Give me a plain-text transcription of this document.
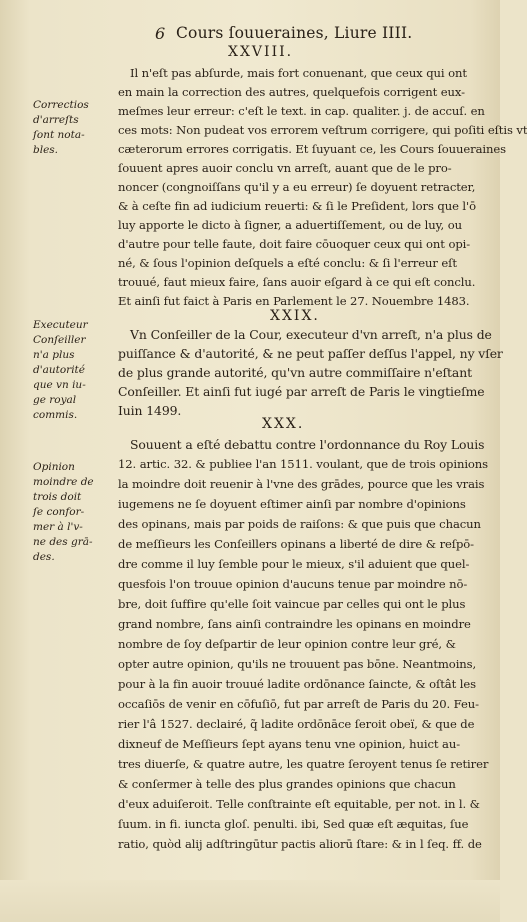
6 Cours ſouueraines, Liure IIII.
XXVIII.
Il n'eſt pas abſurde, mais fort conuenant, que ceux qui ont
en main la correction des autres, quelquefois corrigent eux-
meſmes leur erreur: c'eſt le text. in cap. qualiter. j. de accuſ. en
ces mots: Non pudeat vos errorem veſtrum corrigere, qui poſiti eſtis vt
cæterorum errores corrigatis. Et ſuyuant ce, les Cours ſouueraines
ſouuent apres auoir conclu vn arreſt, auant que de le pro-
noncer (congnoiſſans qu'il y a eu erreur) ſe doyuent retracter,
& à ceſte fin ad iudicium reuerti: & ſi le Preſident, lors que l'ō
luy apporte le dicto à ſigner, a aduertiſſement, ou de luy, ou
d'autre pour telle faute, doit faire cōuoquer ceux qui ont opi-
né, & ſous l'opinion deſquels a eſté conclu: & ſi l'erreur eſt
trouué, faut mieux faire, ſans auoir eſgard à ce qui eſt conclu.
Et ainſi fut faict à Paris en Parlement le 27. Nouembre 1483.
XXIX.
Vn Conſeiller de la Cour, executeur d'vn arreſt, n'a plus de
puiſſance & d'autorité, & ne peut paſſer deſſus l'appel, ny vſer
de plus grande autorité, qu'vn autre commiſſaire n'eſtant
Conſeiller. Et ainſi fut iugé par arreſt de Paris le vingtieſme
Iuin 1499.
XXX.
Souuent a eſté debattu contre l'ordonnance du Roy Louis
12. artic. 32. & publiee l'an 1511. voulant, que de trois opinions
la moindre doit reuenir à l'vne des grādes, pource que les vrais
iugemens ne ſe doyuent eſtimer ainſi par nombre d'opinions
des opinans, mais par poids de raiſons: & que puis que chacun
de meſſieurs les Conſeillers opinans a liberté de dire & reſpō-
dre comme il luy ſemble pour le mieux, s'il aduient que quel-
quesfois l'on trouue opinion d'aucuns tenue par moindre nō-
bre, doit ſuffire qu'elle ſoit vaincue par celles qui ont le plus
grand nombre, ſans ainſi contraindre les opinans en moindre
nombre de ſoy deſpartir de leur opinion contre leur gré, &
opter autre opinion, qu'ils ne trouuent pas bōne. Neantmoins,
pour à la fin auoir trouué ladite ordōnance ſaincte, & oſtât les
occaſiōs de venir en cōfuſiō, fut par arreſt de Paris du 20. Feu-
rier l'â 1527. declairé, q̃ ladite ordōnāce ſeroit obeï, & que de
dixneuf de Meſſieurs ſept ayans tenu vne opinion, huict au-
tres diuerſe, & quatre autre, les quatre ſeroyent tenus ſe retirer
& conſermer à telle des plus grandes opinions que chacun
d'eux aduiſeroit. Telle conſtrainte eſt equitable, per not. in l. &
ſuum. in fi. iuncta gloſ. penulti. ibi, Sed quæ eſt æquitas, ſue
ratio, quòd alij adſtringūtur pactis aliorū ſtare: & in l ſeq. ff. de
Correctios
d'arreſts
ſont nota-
bles.
Executeur
Conſeiller
n'a plus
d'autorité
que vn iu-
ge royal
commis.
Opinion
moindre de
trois doit
ſe confor-
mer à l'v-
ne des grā-
des.
